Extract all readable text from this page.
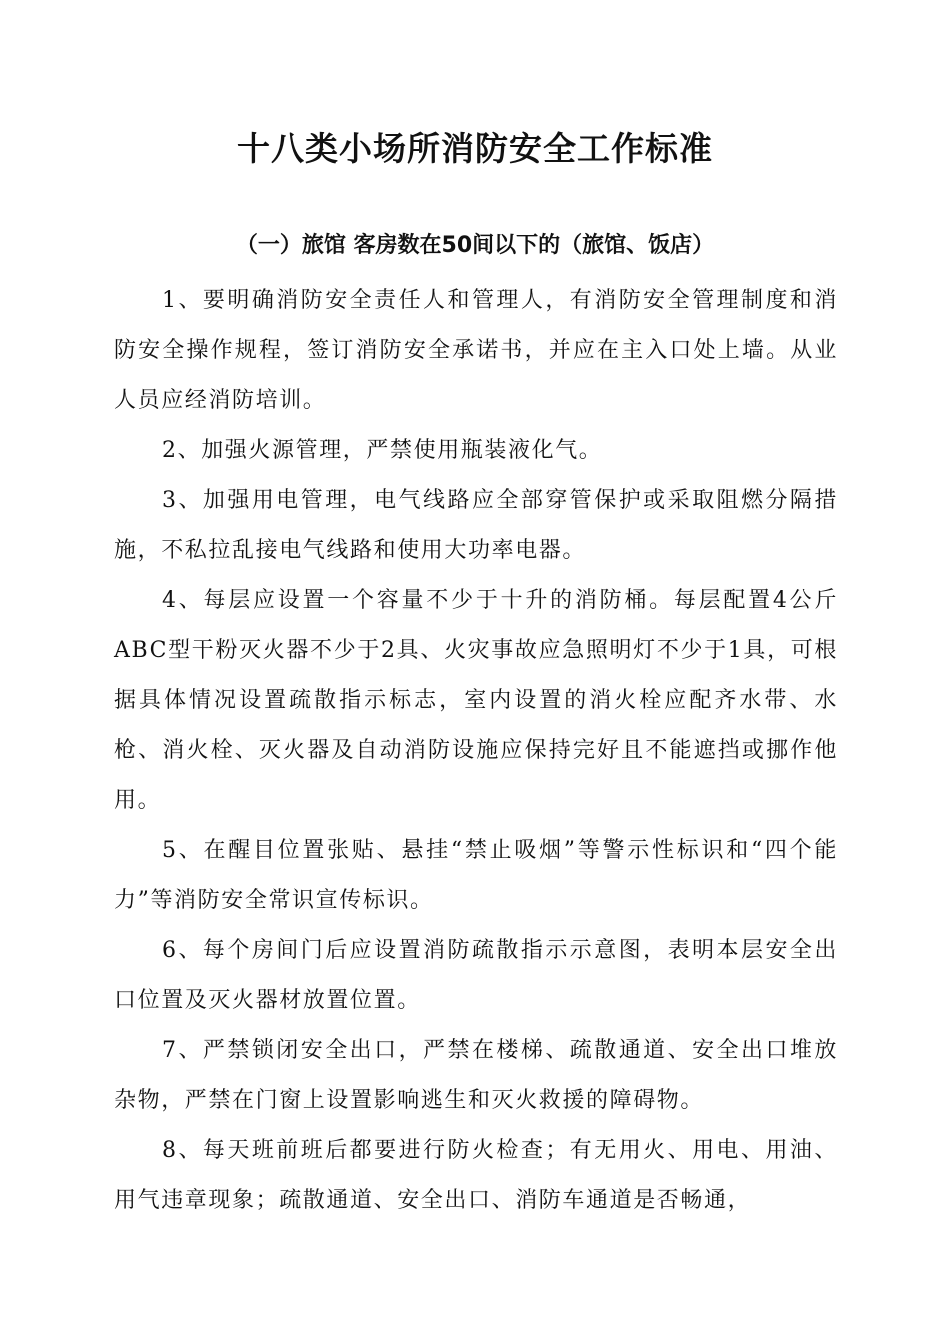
十八类小场所消防安全工作标准
（一）旅馆 客房数在50间以下的（旅馆、饭店）

1、要明确消防安全责任人和管理人，有消防安全管理制度和消防安全操作规程，签订消防安全承诺书，并应在主入口处上墙。从业人员应经消防培训。

2、加强火源管理，严禁使用瓶装液化气。

3、加强用电管理，电气线路应全部穿管保护或采取阻燃分隔措施，不私拉乱接电气线路和使用大功率电器。

4、每层应设置一个容量不少于十升的消防桶。每层配置4公斤ABC型干粉灭火器不少于2具、火灾事故应急照明灯不少于1具，可根据具体情况设置疏散指示标志，室内设置的消火栓应配齐水带、水枪、消火栓、灭火器及自动消防设施应保持完好且不能遮挡或挪作他用。

5、在醒目位置张贴、悬挂“禁止吸烟”等警示性标识和“四个能力”等消防安全常识宣传标识。

6、每个房间门后应设置消防疏散指示示意图，表明本层安全出口位置及灭火器材放置位置。

7、严禁锁闭安全出口，严禁在楼梯、疏散通道、安全出口堆放杂物，严禁在门窗上设置影响逃生和灭火救援的障碍物。

8、每天班前班后都要进行防火检查；有无用火、用电、用油、用气违章现象；疏散通道、安全出口、消防车通道是否畅通，
